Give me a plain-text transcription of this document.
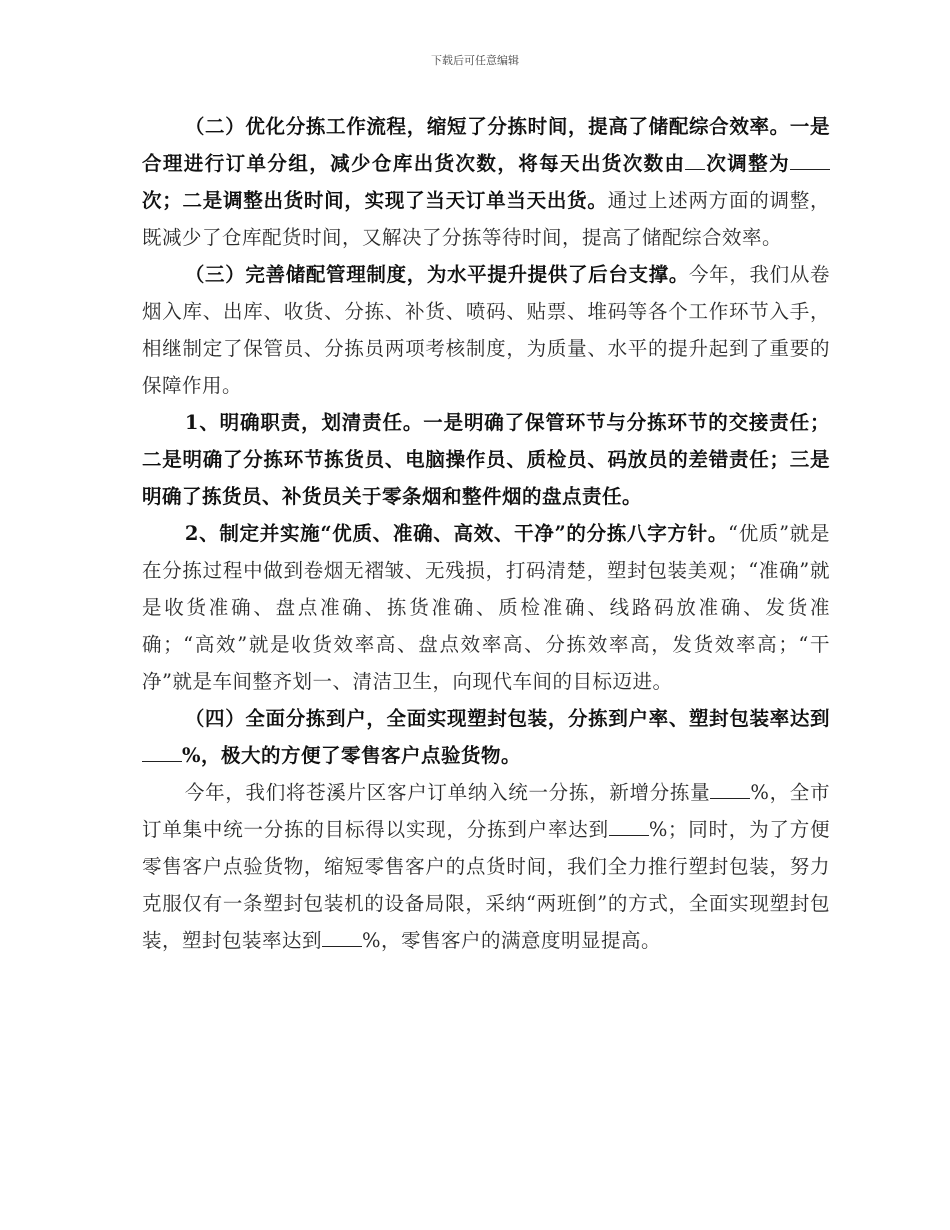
下载后可任意编辑

（二）优化分拣工作流程，缩短了分拣时间，提高了储配综合效率。一是合理进行订单分组，减少仓库出货次数，将每天出货次数由 次调整为次；二是调整出货时间，实现了当天订单当天出货。通过上述两方面的调整，既减少了仓库配货时间，又解决了分拣等待时间，提高了储配综合效率。

（三）完善储配管理制度，为水平提升提供了后台支撑。今年，我们从卷烟入库、出库、收货、分拣、补货、喷码、贴票、堆码等各个工作环节入手，相继制定了保管员、分拣员两项考核制度，为质量、水平的提升起到了重要的保障作用。

1、明确职责，划清责任。一是明确了保管环节与分拣环节的交接责任；二是明确了分拣环节拣货员、电脑操作员、质检员、码放员的差错责任；三是明确了拣货员、补货员关于零条烟和整件烟的盘点责任。

2、制定并实施“优质、准确、高效、干净”的分拣八字方针。“优质”就是在分拣过程中做到卷烟无褶皱、无残损，打码清楚，塑封包装美观；“准确”就是收货准确、盘点准确、拣货准确、质检准确、线路码放准确、发货准确；“高效”就是收货效率高、盘点效率高、分拣效率高，发货效率高；“干净”就是车间整齐划一、清洁卫生，向现代车间的目标迈进。

（四）全面分拣到户，全面实现塑封包装，分拣到户率、塑封包装率达到%，极大的方便了零售客户点验货物。

今年，我们将苍溪片区客户订单纳入统一分拣，新增分拣量 %，全市订单集中统一分拣的目标得以实现，分拣到户率达到 %；同时，为了方便零售客户点验货物，缩短零售客户的点货时间，我们全力推行塑封包装，努力克服仅有一条塑封包装机的设备局限，采纳“两班倒”的方式，全面实现塑封包装，塑封包装率达到 %，零售客户的满意度明显提高。
